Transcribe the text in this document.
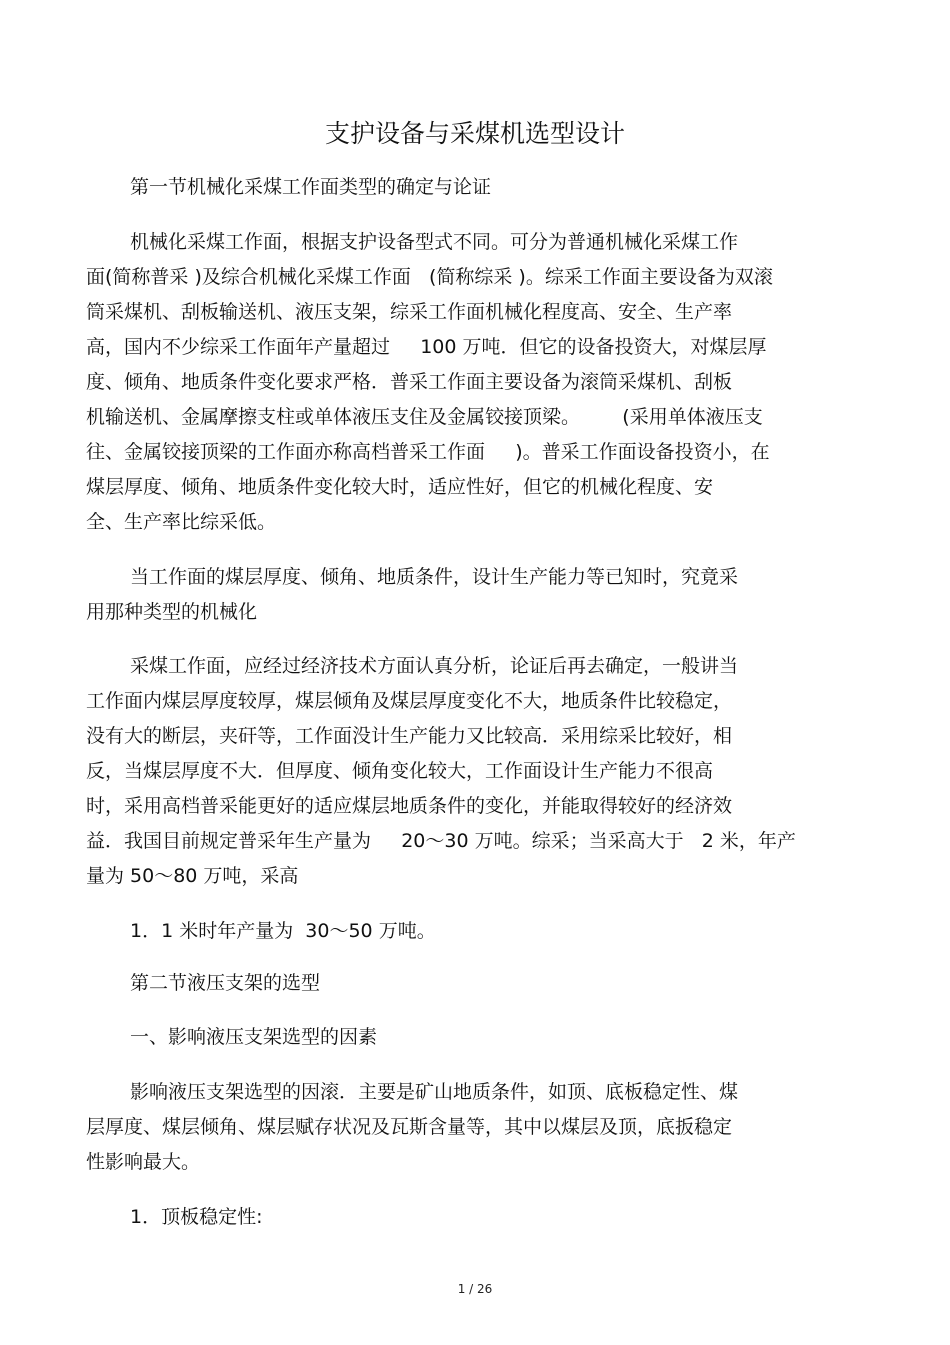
支护设备与采煤机选型设计
第一节机械化采煤工作面类型的确定与论证
机械化采煤工作面，根据支护设备型式不同。可分为普通机械化采煤工作
面(简称普采 )及综合机械化采煤工作面   (简称综采 )。综采工作面主要设备为双滚
筒采煤机、刮板输送机、液压支架，综采工作面机械化程度高、安全、生产率
高，国内不少综采工作面年产量超过     100 万吨．但它的设备投资大，对煤层厚
度、倾角、地质条件变化要求严格．普采工作面主要设备为滚筒采煤机、刮板
机输送机、金属摩擦支柱或单体液压支住及金属铰接顶梁。       (采用单体液压支
往、金属铰接顶梁的工作面亦称高档普采工作面     )。普采工作面设备投资小，在
煤层厚度、倾角、地质条件变化较大时，适应性好，但它的机械化程度、安
全、生产率比综采低。
当工作面的煤层厚度、倾角、地质条件，设计生产能力等已知时，究竟采
用那种类型的机械化
采煤工作面，应经过经济技术方面认真分析，论证后再去确定，一般讲当
工作面内煤层厚度较厚，煤层倾角及煤层厚度变化不大，地质条件比较稳定，
没有大的断层，夹矸等，工作面没计生产能力又比较高．采用综采比较好，相
反，当煤层厚度不大．但厚度、倾角变化较大，工作面设计生产能力不很高
时，采用高档普采能更好的适应煤层地质条件的变化，并能取得较好的经济效
益．我国目前规定普采年生产量为     20～30 万吨。综采；当采高大于   2 米，年产
量为 50～80 万吨，采高
1．1 米时年产量为  30～50 万吨。
第二节液压支架的选型
一、影响液压支架选型的因素
影响液压支架选型的因滚．主要是矿山地质条件，如顶、底板稳定性、煤
层厚度、煤层倾角、煤层赋存状况及瓦斯含量等，其中以煤层及顶，底扳稳定
性影响最大。
1．顶板稳定性:
1 / 26
